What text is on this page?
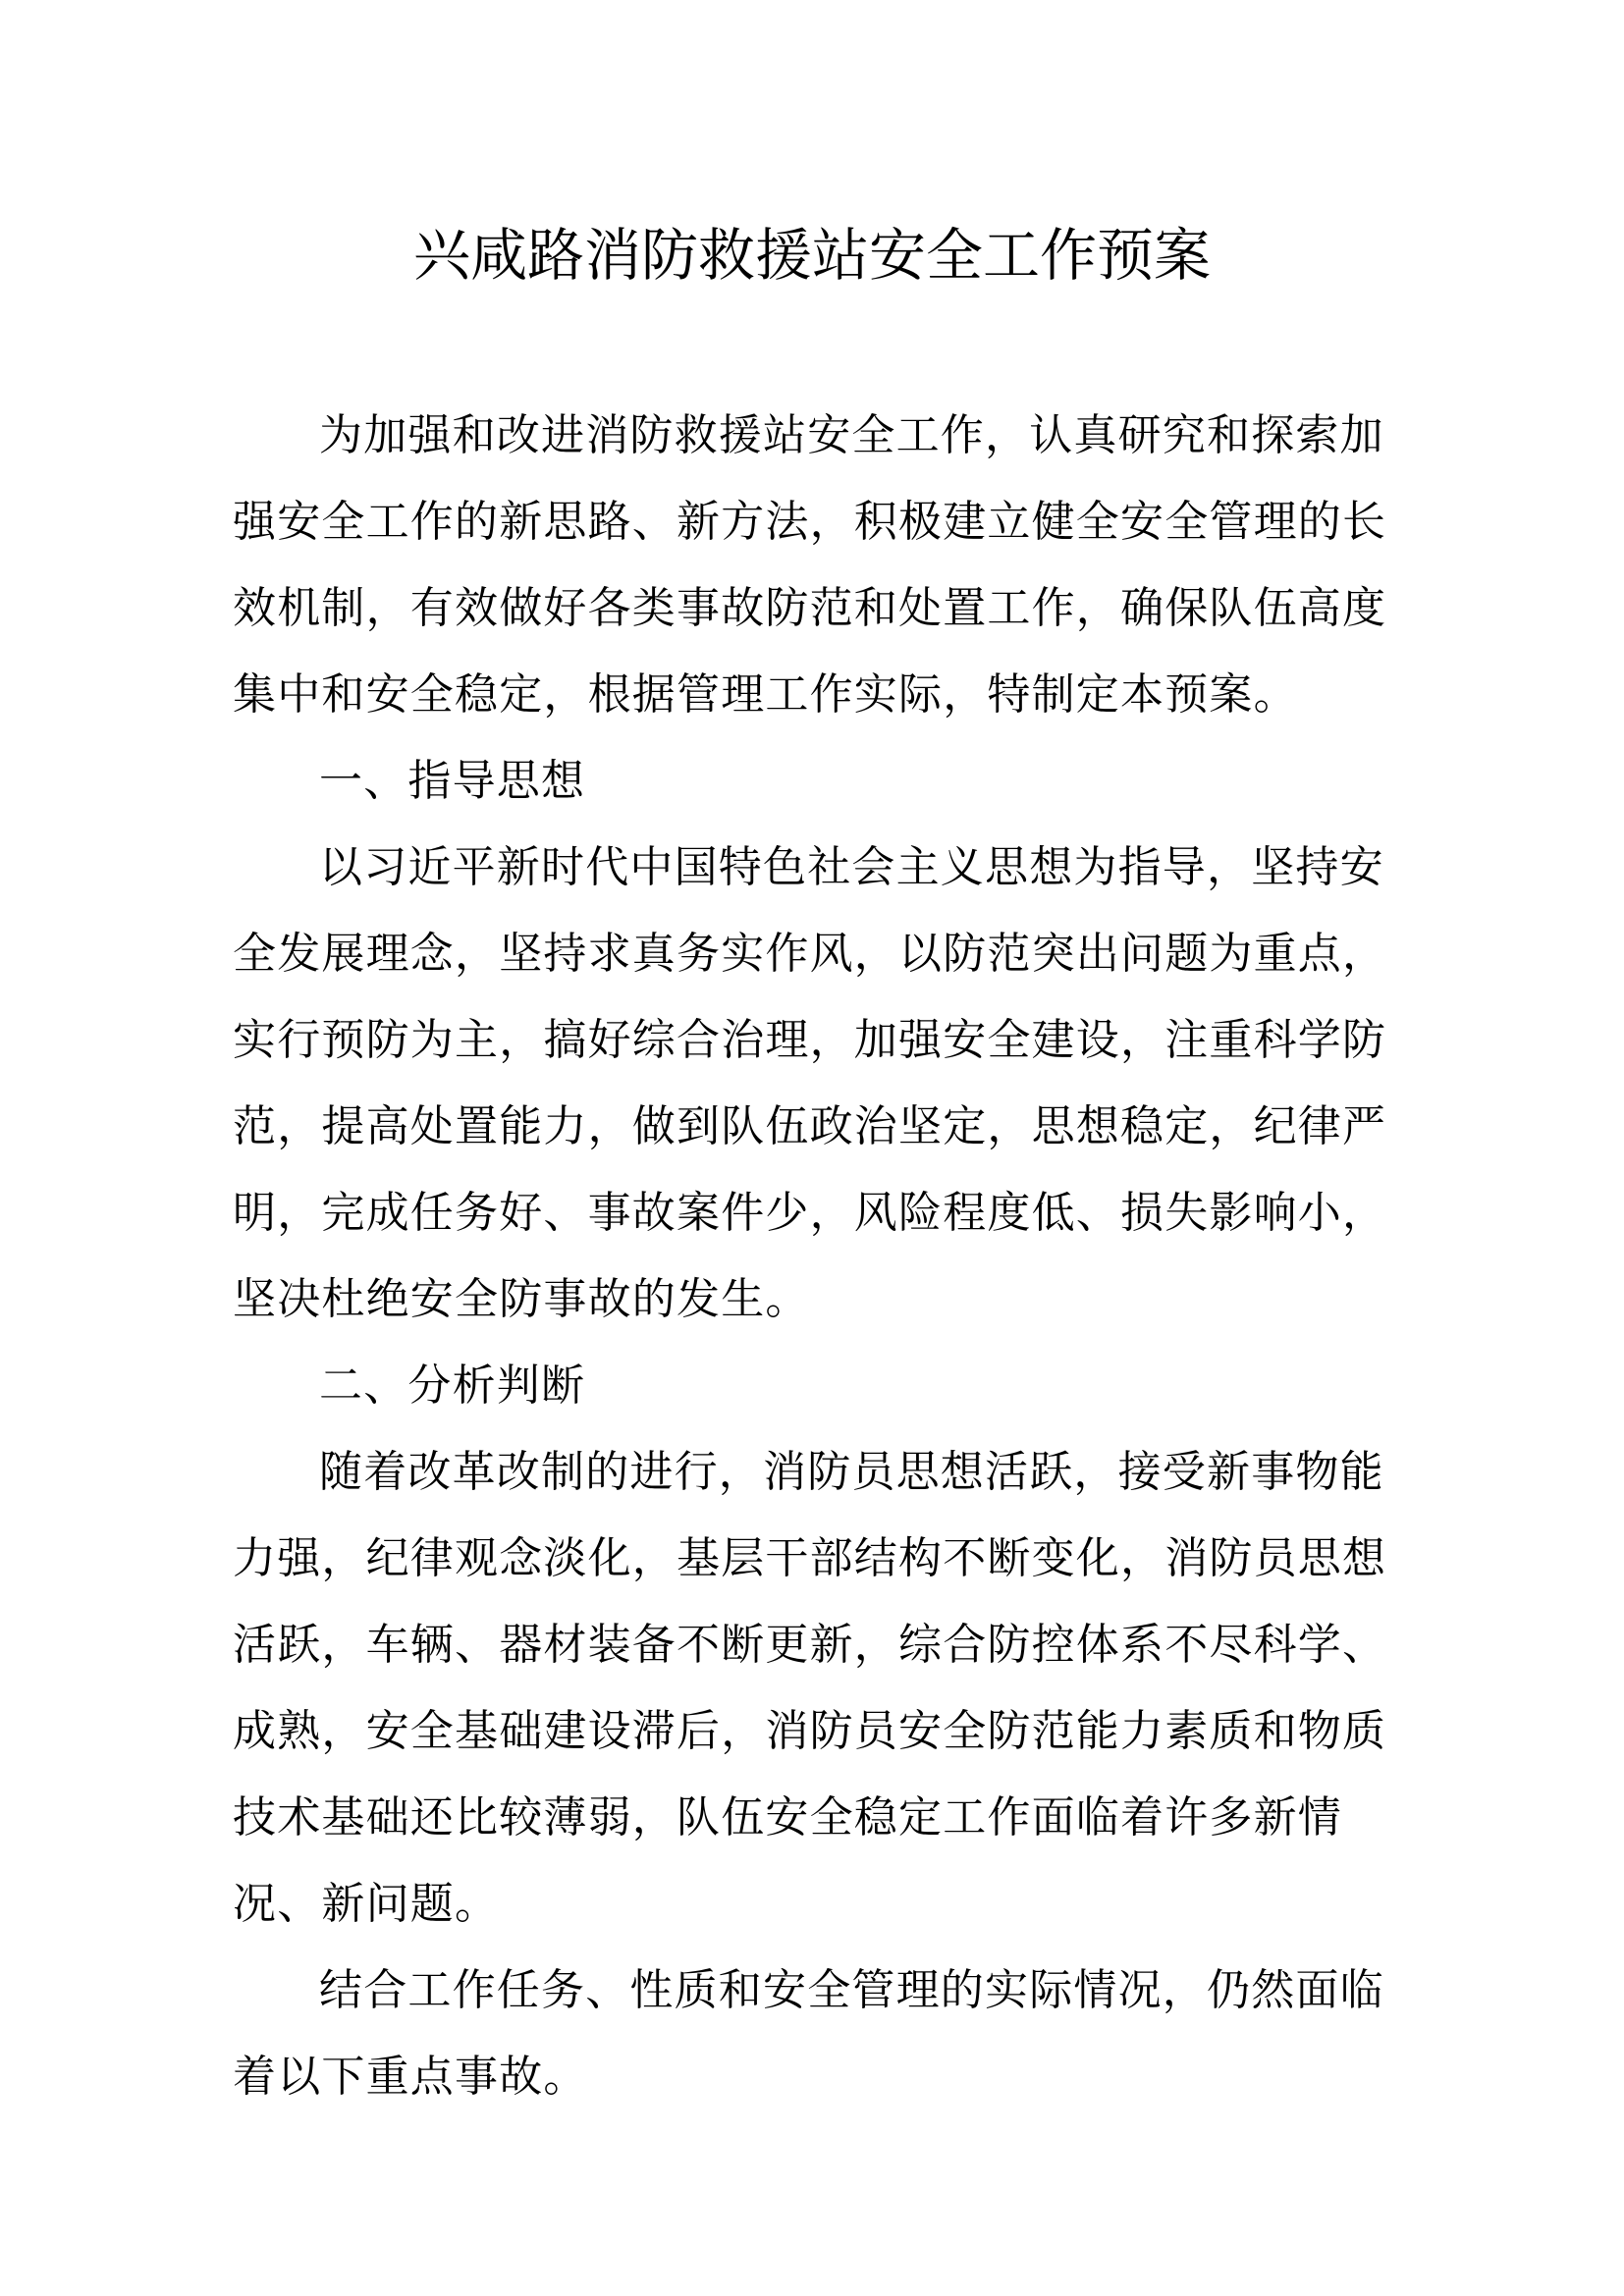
兴咸路消防救援站安全工作预案
为加强和改进消防救援站安全工作，认真研究和探索加
强安全工作的新思路、新方法，积极建立健全安全管理的长
效机制，有效做好各类事故防范和处置工作，确保队伍高度
集中和安全稳定，根据管理工作实际，特制定本预案。
一、指导思想
以习近平新时代中国特色社会主义思想为指导，坚持安
全发展理念，坚持求真务实作风，以防范突出问题为重点，
实行预防为主，搞好综合治理，加强安全建设，注重科学防
范，提高处置能力，做到队伍政治坚定，思想稳定，纪律严
明，完成任务好、事故案件少，风险程度低、损失影响小，
坚决杜绝安全防事故的发生。
二、分析判断
随着改革改制的进行，消防员思想活跃，接受新事物能
力强，纪律观念淡化，基层干部结构不断变化，消防员思想
活跃，车辆、器材装备不断更新，综合防控体系不尽科学、
成熟，安全基础建设滞后，消防员安全防范能力素质和物质
技术基础还比较薄弱，队伍安全稳定工作面临着许多新情
况、新问题。
结合工作任务、性质和安全管理的实际情况，仍然面临
着以下重点事故。
